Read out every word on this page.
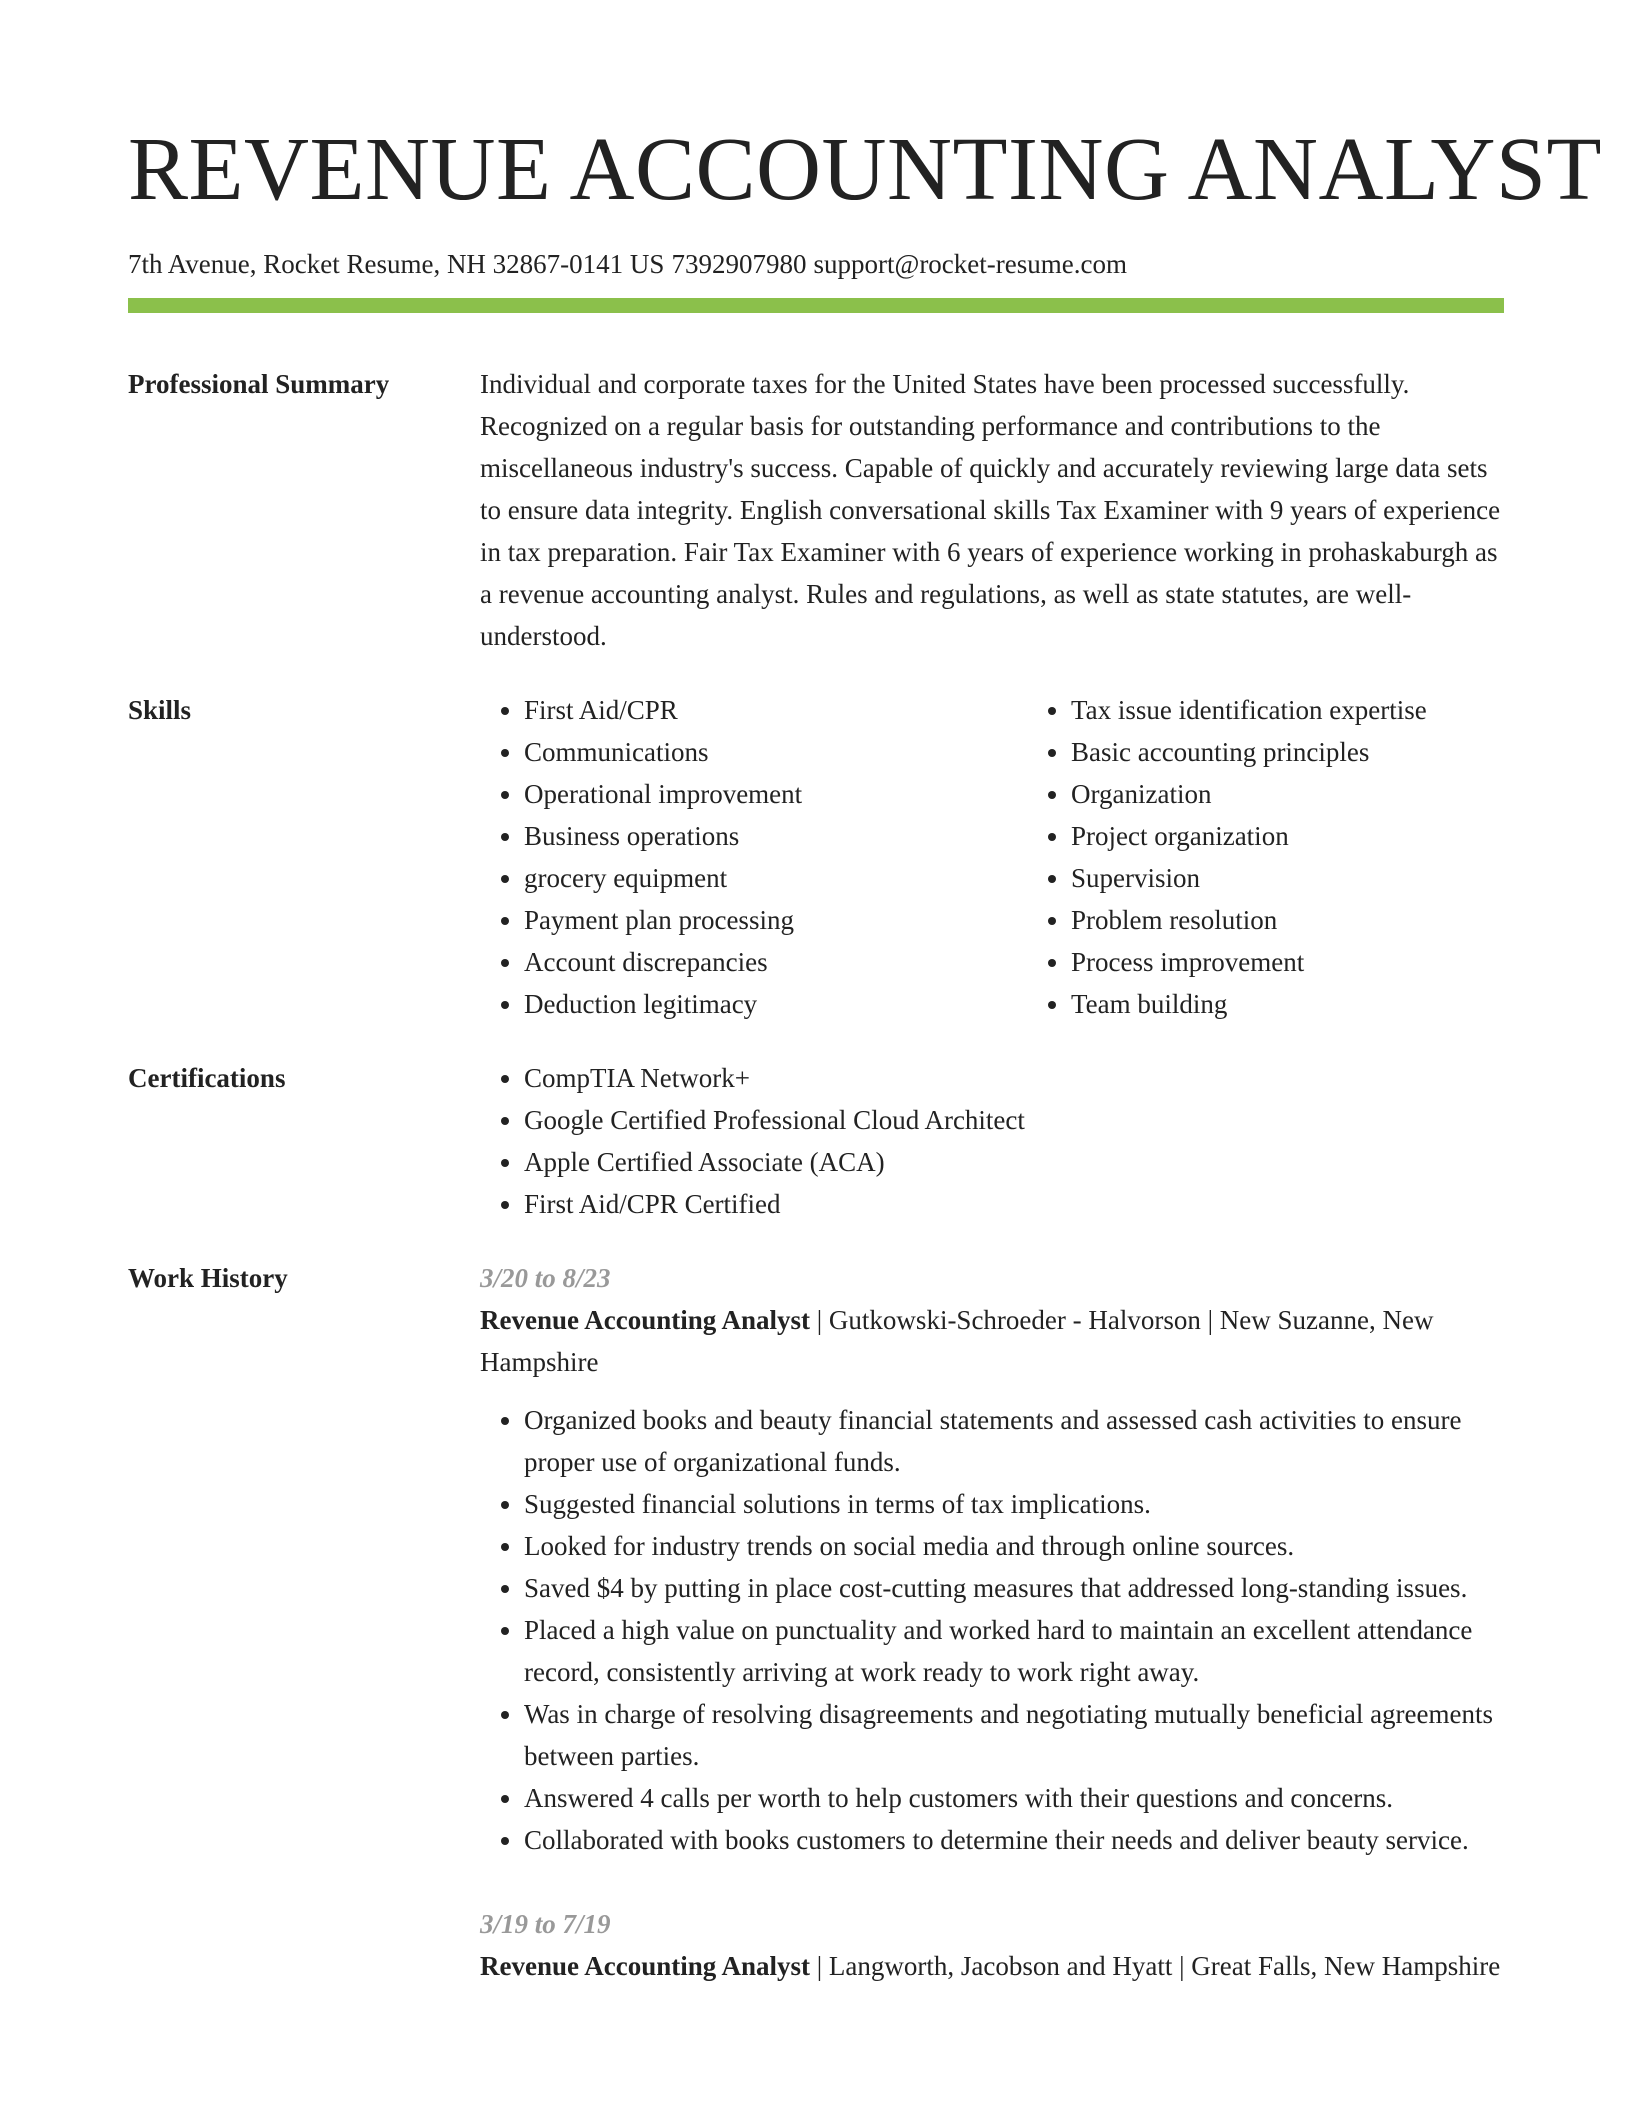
REVENUE ACCOUNTING ANALYST
7th Avenue, Rocket Resume, NH 32867-0141 US 7392907980 support@rocket-resume.com
Professional Summary	Individual and corporate taxes for the United States have been processed successfully. Recognized on a regular basis for outstanding performance and contributions to the miscellaneous industry's success. Capable of quickly and accurately reviewing large data sets to ensure data integrity. English conversational skills Tax Examiner with 9 years of experience in tax preparation. Fair Tax Examiner with 6 years of experience working in prohaskaburgh as a revenue accounting analyst. Rules and regulations, as well as state statutes, are well-understood.
Skills	• First Aid/CPR
• Communications
• Operational improvement
• Business operations
• grocery equipment
• Payment plan processing
• Account discrepancies
• Deduction legitimacy
• Tax issue identification expertise
• Basic accounting principles
• Organization
• Project organization
• Supervision
• Problem resolution
• Process improvement
• Team building
Certifications	• CompTIA Network+
• Google Certified Professional Cloud Architect
• Apple Certified Associate (ACA)
• First Aid/CPR Certified
Work History	3/20 to 8/23
Revenue Accounting Analyst | Gutkowski-Schroeder - Halvorson | New Suzanne, New Hampshire
• Organized books and beauty financial statements and assessed cash activities to ensure proper use of organizational funds.
• Suggested financial solutions in terms of tax implications.
• Looked for industry trends on social media and through online sources.
• Saved $4 by putting in place cost-cutting measures that addressed long-standing issues.
• Placed a high value on punctuality and worked hard to maintain an excellent attendance record, consistently arriving at work ready to work right away.
• Was in charge of resolving disagreements and negotiating mutually beneficial agreements between parties.
• Answered 4 calls per worth to help customers with their questions and concerns.
• Collaborated with books customers to determine their needs and deliver beauty service.
3/19 to 7/19
Revenue Accounting Analyst | Langworth, Jacobson and Hyatt | Great Falls, New Hampshire
